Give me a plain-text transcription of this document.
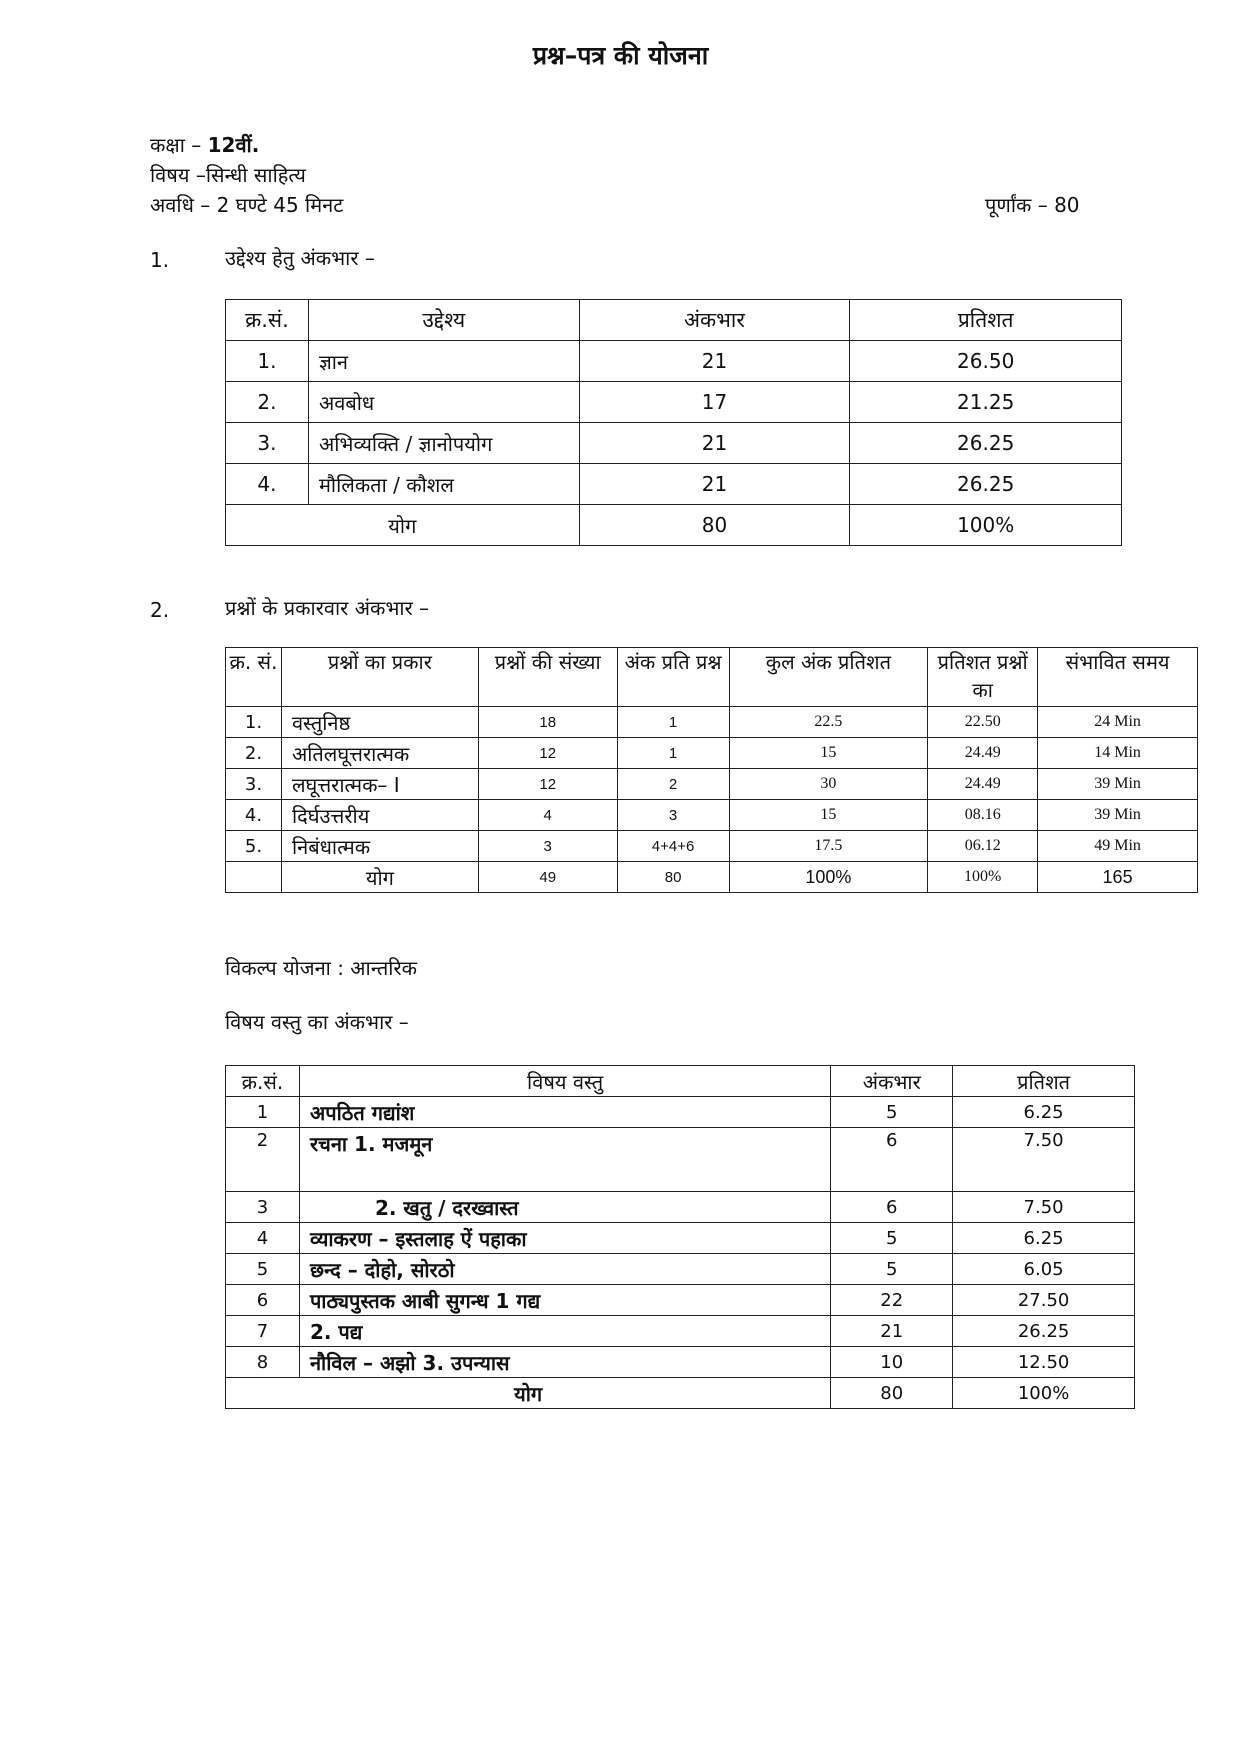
प्रश्न–पत्र की योजना
कक्षा – 12वीं.
विषय –सिन्धी साहित्य
अवधि – 2 घण्टे 45 मिनट	पूर्णांक – 80
1.	उद्देश्य हेतु अंकभार –
क्र.सं.	उद्देश्य	अंकभार	प्रतिशत
1.	ज्ञान	21	26.50
2.	अवबोध	17	21.25
3.	अभिव्यक्ति / ज्ञानोपयोग	21	26.25
4.	मौलिकता / कौशल	21	26.25
योग		80	100%
2.	प्रश्नों के प्रकारवार अंकभार –
क्र. सं.	प्रश्नों का प्रकार	प्रश्नों की संख्या	अंक प्रति प्रश्न	कुल अंक प्रतिशत	प्रतिशत प्रश्नों का	संभावित समय
1.	वस्तुनिष्ठ	18	1	22.5	22.50	24 Min
2.	अतिलघूत्तरात्मक	12	1	15	24.49	14 Min
3.	लघूत्तरात्मक– I	12	2	30	24.49	39 Min
4.	दिर्घउत्तरीय	4	3	15	08.16	39 Min
5.	निबंधात्मक	3	4+4+6	17.5	06.12	49 Min
	योग	49	80	100%	100%	165
विकल्प योजना : आन्तरिक
विषय वस्तु का अंकभार –
क्र.सं.	विषय वस्तु	अंकभार	प्रतिशत
1	अपठित गद्यांश	5	6.25
2	रचना 1. मजमून	6	7.50
3	2. खतु / दरख्वास्त	6	7.50
4	व्याकरण – इस्तलाह ऐं पहाका	5	6.25
5	छन्द – दोहो, सोरठो	5	6.05
6	पाठ्यपुस्तक आबी सुगन्ध 1 गद्य	22	27.50
7	2. पद्य	21	26.25
8	नौविल – अझो 3. उपन्यास	10	12.50
योग		80	100%
